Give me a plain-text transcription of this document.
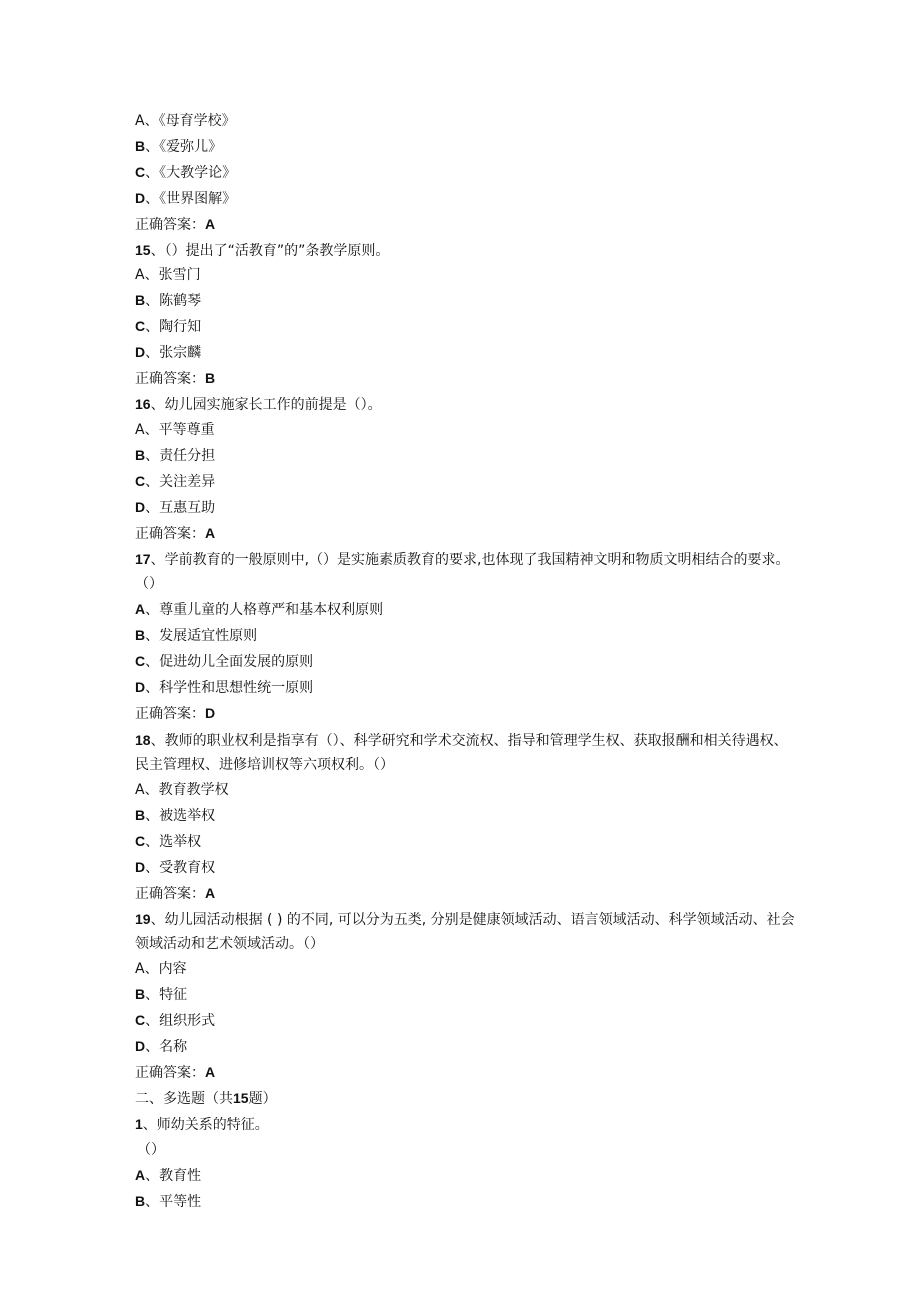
A、《母育学校》
B、《爱弥儿》
C、《大教学论》
D、《世界图解》
正确答案：A
15、（）提出了“活教育”的”条教学原则。
A、张雪门
B、陈鹤琴
C、陶行知
D、张宗麟
正确答案：B
16、幼儿园实施家长工作的前提是（）。
A、平等尊重
B、责任分担
C、关注差异
D、互惠互助
正确答案：A
17、学前教育的一般原则中,（）是实施素质教育的要求,也体现了我国精神文明和物质文明相结合的要求。（）
A、尊重儿童的人格尊严和基本权利原则
B、发展适宜性原则
C、促进幼儿全面发展的原则
D、科学性和思想性统一原则
正确答案：D
18、教师的职业权利是指享有（）、科学研究和学术交流权、指导和管理学生权、获取报酬和相关待遇权、民主管理权、进修培训权等六项权利。（）
A、教育教学权
B、被选举权
C、选举权
D、受教育权
正确答案：A
19、幼儿园活动根据 ( ) 的不同, 可以分为五类, 分别是健康领域活动、语言领域活动、科学领域活动、社会领域活动和艺术领域活动。（）
A、内容
B、特征
C、组织形式
D、名称
正确答案：A
二、多选题（共15题）
1、师幼关系的特征。
（）
A、教育性
B、平等性
